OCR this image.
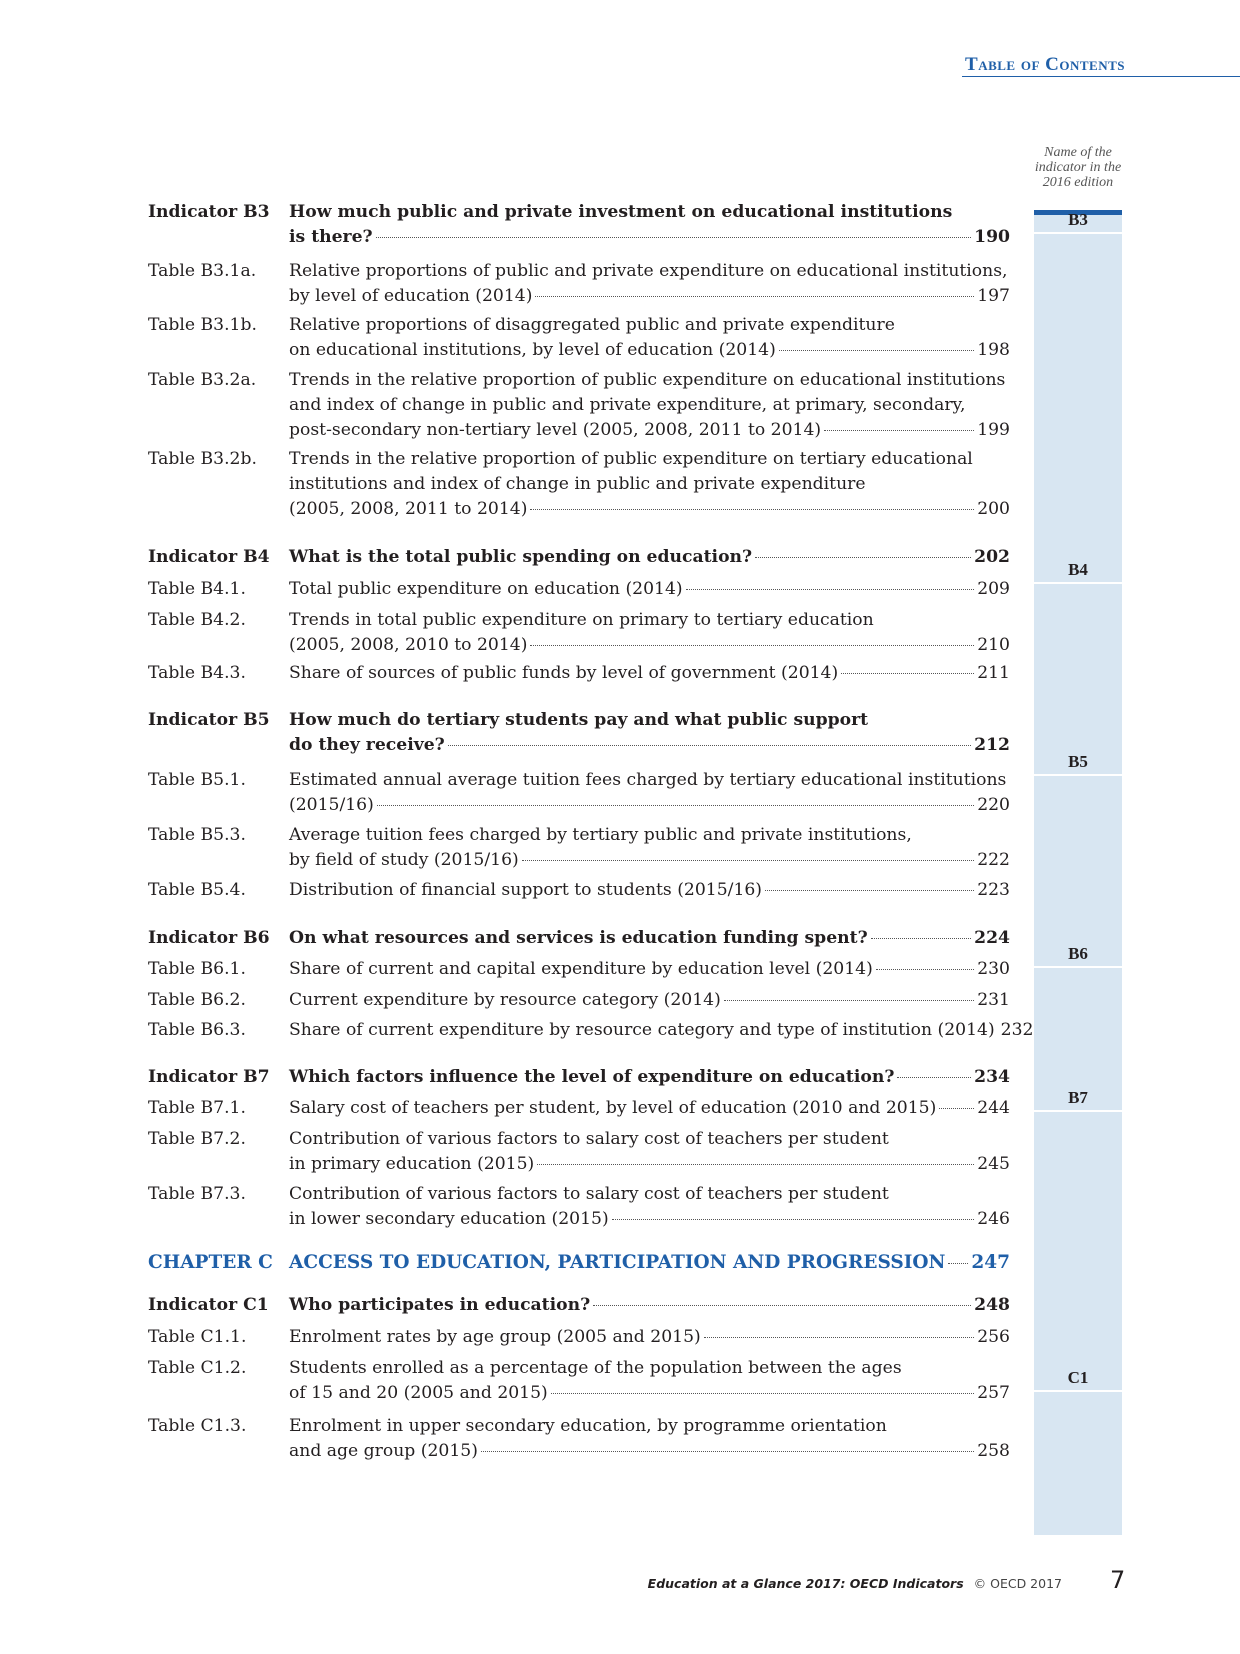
Table of Contents
Name of the indicator in the 2016 edition
B3
B4
B5
B6
B7
C1
Indicator B3 How much public and private investment on educational institutions
is there?	190
Table B3.1a. Relative proportions of public and private expenditure on educational institutions,
by level of education (2014)	197
Table B3.1b. Relative proportions of disaggregated public and private expenditure
on educational institutions, by level of education (2014)	198
Table B3.2a. Trends in the relative proportion of public expenditure on educational institutions
and index of change in public and private expenditure, at primary, secondary,
post-secondary non-tertiary level (2005, 2008, 2011 to 2014)	199
Table B3.2b. Trends in the relative proportion of public expenditure on tertiary educational
institutions and index of change in public and private expenditure
(2005, 2008, 2011 to 2014)	200
Indicator B4 What is the total public spending on education?	202
Table B4.1.	Total public expenditure on education (2014)	209
Table B4.2.	Trends in total public expenditure on primary to tertiary education
(2005, 2008, 2010 to 2014)	210
Table B4.3.	Share of sources of public funds by level of government (2014)	211
Indicator B5 How much do tertiary students pay and what public support
do they receive?	212
Table B5.1.	Estimated annual average tuition fees charged by tertiary educational institutions
(2015/16)	220
Table B5.3.	Average tuition fees charged by tertiary public and private institutions,
by field of study (2015/16)	222
Table B5.4.	Distribution of financial support to students (2015/16)	223
Indicator B6 On what resources and services is education funding spent?	224
Table B6.1.	Share of current and capital expenditure by education level (2014)	230
Table B6.2.	Current expenditure by resource category (2014)	231
Table B6.3.	Share of current expenditure by resource category and type of institution (2014) 232
Indicator B7 Which factors influence the level of expenditure on education?	234
Table B7.1.	Salary cost of teachers per student, by level of education (2010 and 2015) 244
Table B7.2.	Contribution of various factors to salary cost of teachers per student
in primary education (2015)	245
Table B7.3.	Contribution of various factors to salary cost of teachers per student
in lower secondary education (2015)	246
CHAPTER C ACCESS TO EDUCATION, PARTICIPATION AND PROGRESSION 247
Indicator C1 Who participates in education?	248
Table C1.1. Enrolment rates by age group (2005 and 2015)	256
Table C1.2. Students enrolled as a percentage of the population between the ages
of 15 and 20 (2005 and 2015)	257
Table C1.3. Enrolment in upper secondary education, by programme orientation
and age group (2015)	258
Education at a Glance 2017: OECD Indicators © OECD 2017 7
